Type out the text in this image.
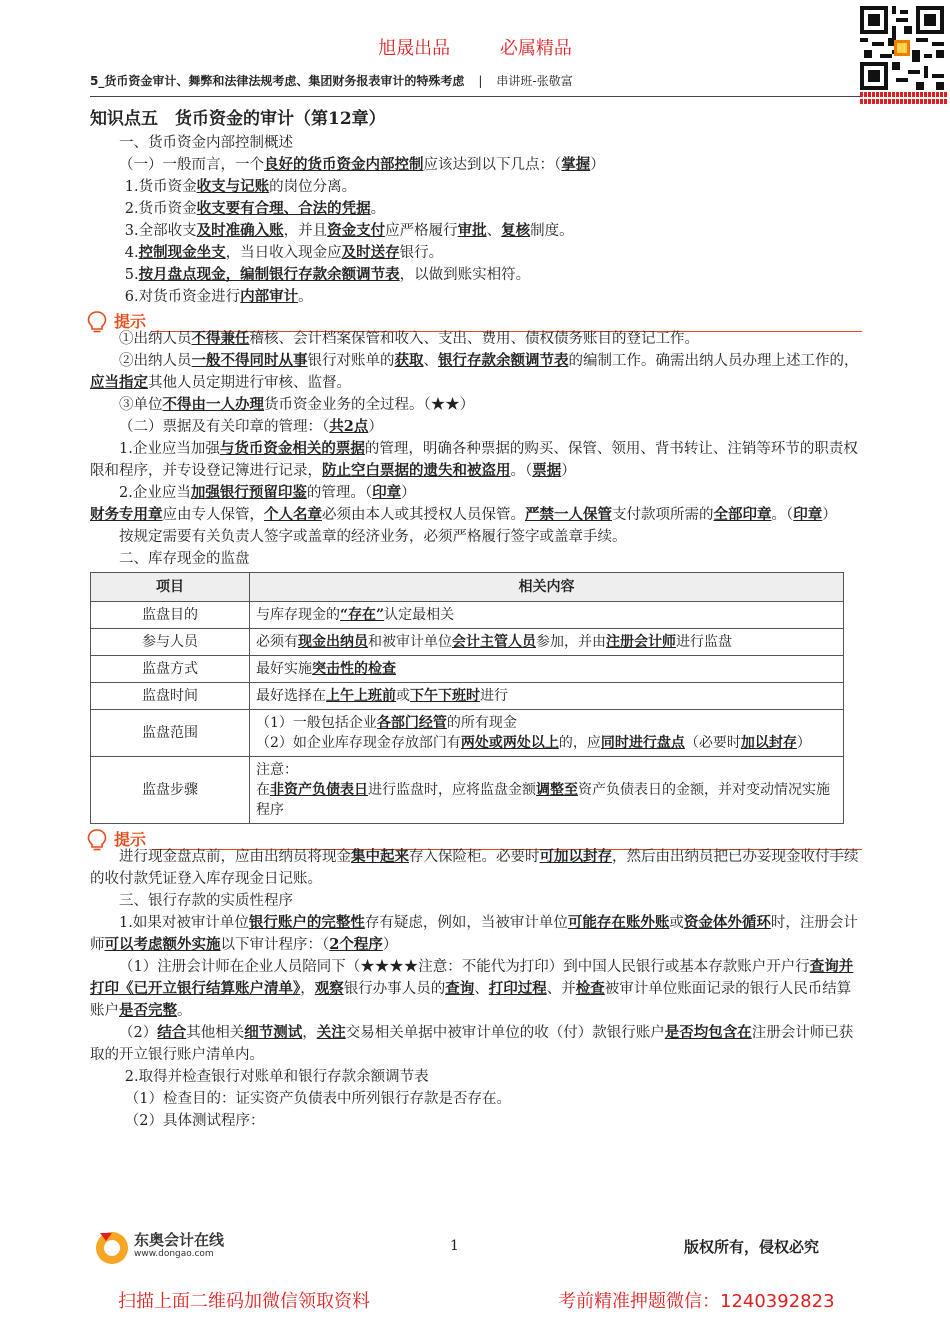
旭晟出品	必属精品
5_货币资金审计、舞弊和法律法规考虑、集团财务报表审计的特殊考虑 | 串讲班-张敬富

知识点五　货币资金的审计（第12章）

一、货币资金内部控制概述

（一）一般而言，一个良好的货币资金内部控制应该达到以下几点：（掌握）

1.货币资金收支与记账的岗位分离。

2.货币资金收支要有合理、合法的凭据。

3.全部收支及时准确入账，并且资金支付应严格履行审批、复核制度。

4.控制现金坐支，当日收入现金应及时送存银行。

5.按月盘点现金，编制银行存款余额调节表，以做到账实相符。

6.对货币资金进行内部审计。

提示

①出纳人员不得兼任稽核、会计档案保管和收入、支出、费用、债权债务账目的登记工作。

②出纳人员一般不得同时从事银行对账单的获取、银行存款余额调节表的编制工作。确需出纳人员办理上述工作的，应当指定其他人员定期进行审核、监督。

③单位不得由一人办理货币资金业务的全过程。（★★）

（二）票据及有关印章的管理：（共2点）

1.企业应当加强与货币资金相关的票据的管理，明确各种票据的购买、保管、领用、背书转让、注销等环节的职责权限和程序，并专设登记簿进行记录，防止空白票据的遗失和被盗用。（票据）

2.企业应当加强银行预留印鉴的管理。（印章）

财务专用章应由专人保管，个人名章必须由本人或其授权人员保管。严禁一人保管支付款项所需的全部印章。（印章）

按规定需要有关负责人签字或盖章的经济业务，必须严格履行签字或盖章手续。

二、库存现金的监盘

项目	相关内容
监盘目的	与库存现金的“存在”认定最相关
参与人员	必须有现金出纳员和被审计单位会计主管人员参加，并由注册会计师进行监盘
监盘方式	最好实施突击性的检查
监盘时间	最好选择在上午上班前或下午下班时进行
监盘范围	（1）一般包括企业各部门经管的所有现金
（2）如企业库存现金存放部门有两处或两处以上的，应同时进行盘点（必要时加以封存）

监盘步骤	注意：
在非资产负债表日进行监盘时，应将监盘金额调整至资产负债表日的金额，并对变动情况实施程序
提示

进行现金盘点前，应由出纳员将现金集中起来存入保险柜。必要时可加以封存，然后由出纳员把已办妥现金收付手续的收付款凭证登入库存现金日记账。

三、银行存款的实质性程序

1.如果对被审计单位银行账户的完整性存有疑虑，例如，当被审计单位可能存在账外账或资金体外循环时，注册会计师可以考虑额外实施以下审计程序：（2个程序）

（1）注册会计师在企业人员陪同下（★★★★注意：不能代为打印）到中国人民银行或基本存款账户开户行查询并打印《已开立银行结算账户清单》，观察银行办事人员的查询、打印过程、并检查被审计单位账面记录的银行人民币结算账户是否完整。

（2）结合其他相关细节测试，关注交易相关单据中被审计单位的收（付）款银行账户是否均包含在注册会计师已获取的开立银行账户清单内。

2.取得并检查银行对账单和银行存款余额调节表

（1）检查目的：证实资产负债表中所列银行存款是否存在。

（2）具体测试程序：

东奥会计在线
www.dongao.com	1	版权所有，侵权必究
扫描上面二维码加微信领取资料	考前精准押题微信：1240392823
